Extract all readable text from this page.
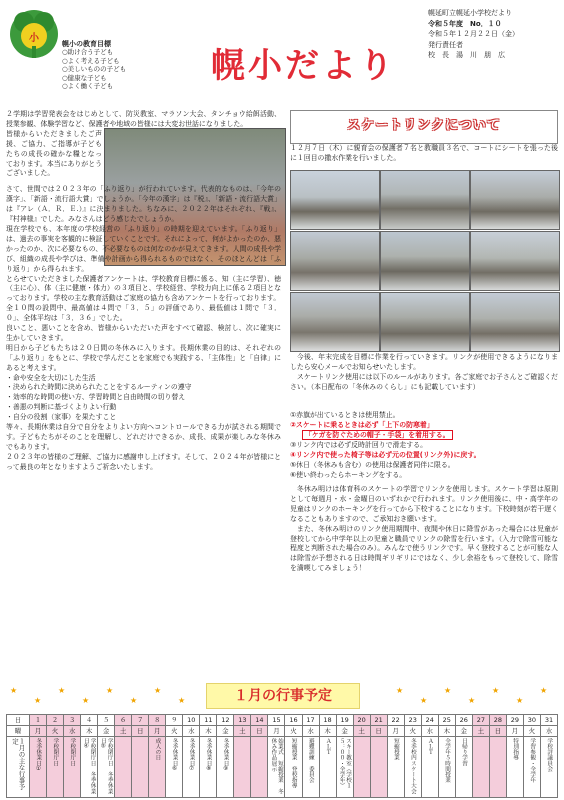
小	幌小の教育目標
○助け合う子ども
○よく考える子ども
○美しいものの子ども
○健康な子ども
○よく働く子ども
幌 小 だ よ り
幌延町立幌延小学校だより
令和５年度　No．１０
令和５年１２月２２日（金）
発行責任者
校　長　湯　川　朋　広

２学期は学習発表会をはじめとして、防災教室、マラソン大会、タンチョウ給餌活動、授業参観、体験学習など、保護者や地域の皆様には大変お世話になりました。

皆様からいただきましたご声援、ご協力、ご指導が子どもたちの成長の確かな糧となっております。本当にありがとうございました。

さて、世間では２０２３年の「ふり返り」が行われています。代表的なものは、「今年の漢字」、「新語・流行語大賞」でしょうか。「今年の漢字」は『税』、「新語・流行語大賞」は『アレ（Ａ．Ｒ．Ｅ.）』に決まりました。ちなみに、２０２２年はそれぞれ、『戦』、『村神様』でした。みなさんはどう感じたでしょうか。

現在学校でも、本年度の学校経営の「ふり返り」の時期を迎えています。「ふり返り」は、過去の事実を客観的に検証していくことです。それによって、何がよかったのか、悪かったのか、次に必要なもの、不必要なものは何なのかが見えてきます。人間の成長や学び、組織の成長や学びは、準備や計画から得られるものではなく、そのほとんどは「ふり返り」から得られます。

とらせていただきました保護者アンケートは、学校教育目標に係る、知（主に学習）、徳（主に心）、体（主に健康・体力）の３項目と、学校経営、学校力向上に係る２項目となっております。学校の主な教育活動はご家庭の協力も含めアンケートを行っております。

全１０問の設問中、最高値は４問で「３．５」の評価であり、最低値は１問で「３．０」、全体平均は「３．３６」でした。

良いこと、悪いことを含め、皆様からいただいた声をすべて確認、検討し、次に確実に生かしていきます。

明日から子どもたちは２０日間の冬休みに入ります。長期休業の目的は、それぞれの「ふり返り」をもとに、学校で学んだことを家庭でも実践する、「主体性」と「自律」にあると考えます。

・命や安全を大切にした生活

・決められた時間に決められたことをするルーティンの遵守

・効率的な時間の使い方、学習時間と自由時間の切り替え

・善悪の判断に基づくよりよい行動

・自分の役割（家事）を果たすこと

等々、長期休業は自分で自分をよりよい方向へコントロールできる力が試される期間です。子どもたちがそのことを理解し、どれだけできるか、成長、成果が楽しみな冬休みでもあります。

２０２３年の皆様のご理解、ご協力に感謝申し上げます。そして、２０２４年が皆様にとって最良の年となりますようご祈念いたします。

スケートリンクについて

１２月７日（木）に親育会の保護者７名と教職員３名で、コートにシートを張った後に１回目の撒水作業を行いました。

今後、年末完成を目標に作業を行っていきます。リンクが使用できるようになりましたら安心メールでお知らせいたします。

スケートリンク使用には以下のルールがあります。各ご家庭でお子さんとご確認ください。（本日配布の「冬休みのくらし」にも記載しています）

①赤旗が出ているときは使用禁止。
②スケートに乗るときは必ず「上下の防寒着」
「ケガを防ぐための帽子・手袋」を着用する。
③リンク内では必ず反時計回りで滑走する。
④リンク内で使った椅子等は必ず元の位置(リンク外)に戻す。
⑤休日（冬休みも含む）の使用は保護者同伴に限る。
⑥使い終わったらホーキングをする。

冬休み明けは体育科のスケートの学習でリンクを使用します。スケート学習は原則として毎週月・水・金曜日のいずれかで行われます。リンク使用後に、中・高学年の児童はリンクのホーキングを行ってから下校することになります。下校時刻が若干遅くなることもありますので、ご承知おき願います。

また、冬休み明けのリンク使用期間中、夜間や休日に降雪があった場合には児童が登校してから中学年以上の児童と職員でリンクの除雪を行います。（入力で除雪可能な程度と判断された場合のみ）。みんなで使うリンクです。早く登校することが可能な人は除雪が予想される日は時間ギリギリにではなく、少し余裕をもって登校して、除雪を満喫してみましょう！

★
★
★
★
★
★
★
★
★
★
★
★
★
★
★
１月の行事予定
日	１	２	３	４	５	６	７	８	９	10	11	12	13	14	15	16	17	18	19	20	21	22	23	24	25	26	27	28	29	30	31
曜	月	火	水	木	金	土	日	月	火	水	木	金	土	日	月	火	水	木	金	土	日	月	火	水	木	金	土	日	月	火	水

１月の主な行事予定	冬季休業日①	学校閉庁日	学校閉庁日	学校閉庁日　冬季休業日④	学校閉庁日　冬季休業日⑤			成人の日	冬季休業日⑥	冬季休業日⑦	冬季休業日⑧	冬季休業日⑨			始業式　短縮授業　冬休み作品展示	短縮授業　登校指導	避難訓練　委員会	ＡＬＴ	スキー教室（学校１５：００・全学年）			短縮授業	冬季校内スケート大会	ＡＬＴ	全学年５時間授業	日帰り学習			特別指導	学習参観・全学年	学校評議員会
